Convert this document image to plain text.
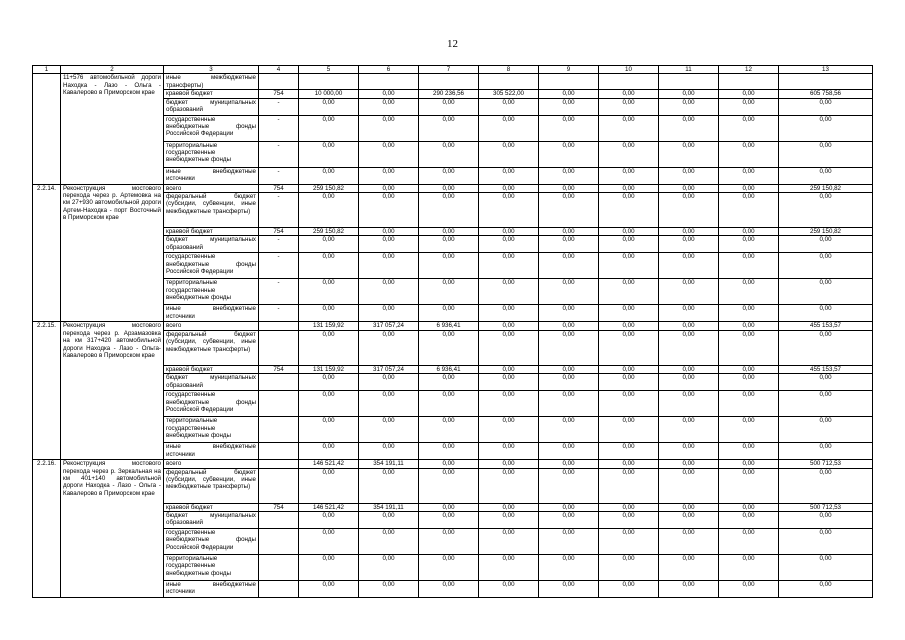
12
1	2	3	4	5	6	7	8	9	10	11	12	13
	11+576 автомобильной дороги Находка - Лазо - Ольга - Кавалерово в Приморском крае	иные межбюджетные трансферты)										
		краевой бюджет	754	10 000,00	0,00	290 236,56	305 522,00	0,00	0,00	0,00	0,00	605 758,56
		бюджет муниципальных образований	-	0,00	0,00	0,00	0,00	0,00	0,00	0,00	0,00	0,00
		государственные внебюджетные фонды Российской Федерации	-	0,00	0,00	0,00	0,00	0,00	0,00	0,00	0,00	0,00
		территориальные государственные внебюджетные фонды	-	0,00	0,00	0,00	0,00	0,00	0,00	0,00	0,00	0,00
		иные внебюджетные источники	-	0,00	0,00	0,00	0,00	0,00	0,00	0,00	0,00	0,00
2.2.14.	Реконструкция мостового перехода через р. Артемовка на км 27+930 автомобильной дороги Артем-Находка - порт Восточный в Приморском крае	всего	754	259 150,82	0,00	0,00	0,00	0,00	0,00	0,00	0,00	259 150,82
		федеральный бюджет (субсидии, субвенции, иные межбюджетные трансферты)	-	0,00	0,00	0,00	0,00	0,00	0,00	0,00	0,00	0,00
		краевой бюджет	754	259 150,82	0,00	0,00	0,00	0,00	0,00	0,00	0,00	259 150,82
		бюджет муниципальных образований	-	0,00	0,00	0,00	0,00	0,00	0,00	0,00	0,00	0,00
		государственные внебюджетные фонды Российской Федерации	-	0,00	0,00	0,00	0,00	0,00	0,00	0,00	0,00	0,00
		территориальные государственные внебюджетные фонды	-	0,00	0,00	0,00	0,00	0,00	0,00	0,00	0,00	0,00
		иные внебюджетные источники	-	0,00	0,00	0,00	0,00	0,00	0,00	0,00	0,00	0,00
2.2.15.	Реконструкция мостового перехода через р. Арзамазовка на км 317+420 автомобильной дороги Находка - Лазо - Ольга- Кавалерово в Приморском крае	всего		131 159,92	317 057,24	6 936,41	0,00	0,00	0,00	0,00	0,00	455 153,57
		федеральный бюджет (субсидии, субвенции, иные межбюджетные трансферты)		0,00	0,00	0,00	0,00	0,00	0,00	0,00	0,00	0,00
		краевой бюджет	754	131 159,92	317 057,24	6 936,41	0,00	0,00	0,00	0,00	0,00	455 153,57
		бюджет муниципальных образований		0,00	0,00	0,00	0,00	0,00	0,00	0,00	0,00	0,00
		государственные внебюджетные фонды Российской Федерации		0,00	0,00	0,00	0,00	0,00	0,00	0,00	0,00	0,00
		территориальные государственные внебюджетные фонды		0,00	0,00	0,00	0,00	0,00	0,00	0,00	0,00	0,00
		иные внебюджетные источники		0,00	0,00	0,00	0,00	0,00	0,00	0,00	0,00	0,00
2.2.16.	Реконструкция мостового перехода через р. Зеркальная на км 401+140 автомобильной дороги Находка - Лазо - Ольга - Кавалерово в Приморском крае	всего		146 521,42	354 191,11	0,00	0,00	0,00	0,00	0,00	0,00	500 712,53
		федеральный бюджет (субсидии, субвенции, иные межбюджетные трансферты)		0,00	0,00	0,00	0,00	0,00	0,00	0,00	0,00	0,00
		краевой бюджет	754	146 521,42	354 191,11	0,00	0,00	0,00	0,00	0,00	0,00	500 712,53
		бюджет муниципальных образований		0,00	0,00	0,00	0,00	0,00	0,00	0,00	0,00	0,00
		государственные внебюджетные фонды Российской Федерации		0,00	0,00	0,00	0,00	0,00	0,00	0,00	0,00	0,00
		территориальные государственные внебюджетные фонды		0,00	0,00	0,00	0,00	0,00	0,00	0,00	0,00	0,00
		иные внебюджетные источники		0,00	0,00	0,00	0,00	0,00	0,00	0,00	0,00	0,00
